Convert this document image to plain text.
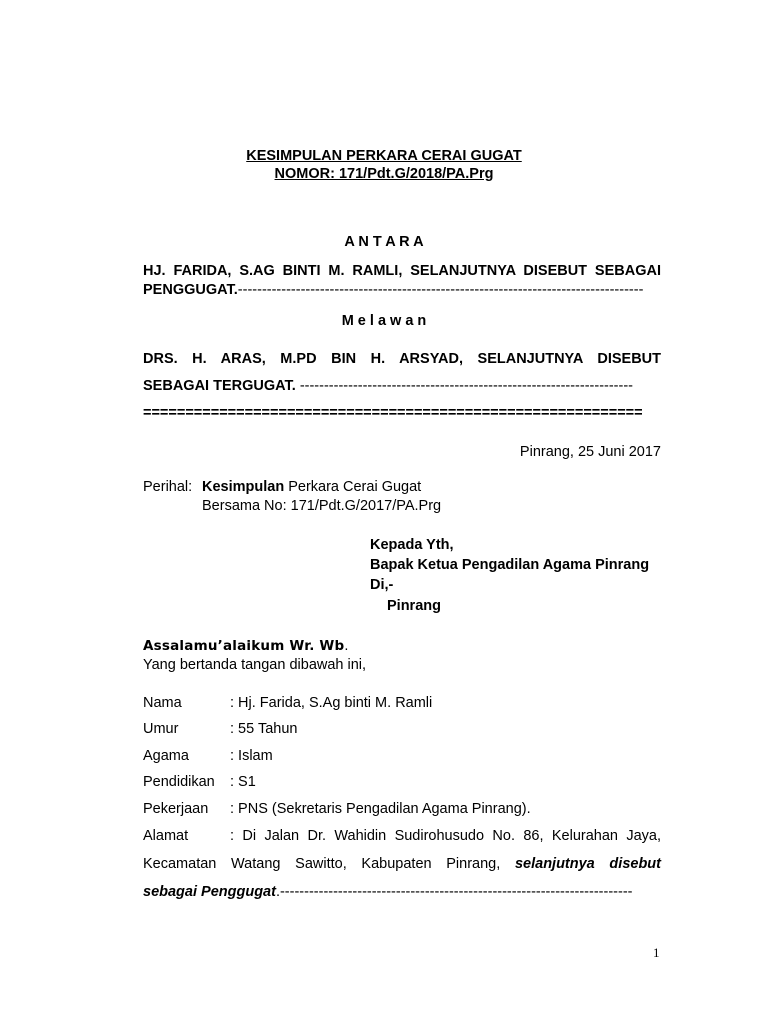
KESIMPULAN PERKARA CERAI GUGAT
NOMOR: 171/Pdt.G/2018/PA.Prg
A N T A R A
HJ. FARIDA, S.AG BINTI M. RAMLI, SELANJUTNYA DISEBUT SEBAGAI
PENGGUGAT.------------------------------------------------------------------------------------
M e l a w a n
DRS. H. ARAS, M.PD BIN H. ARSYAD, SELANJUTNYA DISEBUT
SEBAGAI TERGUGAT. ---------------------------------------------------------------------
===========================================================
Pinrang, 25 Juni 2017
Perihal: Kesimpulan Perkara Cerai Gugat
Bersama No: 171/Pdt.G/2017/PA.Prg
Kepada Yth,
Bapak Ketua Pengadilan Agama Pinrang
Di,-
Pinrang
Assalamu’alaikum Wr. Wb.
Yang bertanda tangan dibawah ini,
Nama	: Hj. Farida, S.Ag binti M. Ramli
Umur	: 55 Tahun
Agama	: Islam
Pendidikan : S1
Pekerjaan : PNS (Sekretaris Pengadilan Agama Pinrang).
Alamat	: Di Jalan Dr. Wahidin Sudirohusudo No. 86, Kelurahan Jaya,
Kecamatan Watang Sawitto, Kabupaten Pinrang, selanjutnya disebut
sebagai Penggugat.-------------------------------------------------------------------------
1
